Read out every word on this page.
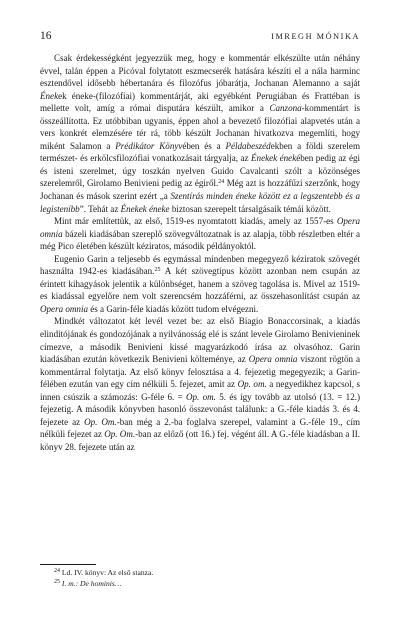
16	IMREGH MÓNIKA

Csak érdekességként jegyezzük meg, hogy e kommentár elkészülte után néhány évvel, talán éppen a Picóval folytatott eszmecserék hatására készíti el a nála harminc esztendővel idősebb hébertanára és filozófus jóbarátja, Jochanan Alemanno a saját Énekek éneke-(filozófiai) kommentárját, aki egyébként Perugiában és Frattéban is mellette volt, amíg a római disputára készült, amikor a Canzona-kommentárt is összeállította. Ez utóbbiban ugyanis, éppen ahol a bevezető filozófiai alapvetés után a vers konkrét elemzésére tér rá, több készült Jochanan hivatkozva megemlíti, hogy miként Salamon a Prédikátor Könyvében és a Példabeszédekben a földi szerelem természet- és erkölcsfilozófiai vonatkozásait tárgyalja, az Énekek énekében pedig az égi és isteni szerelmet, úgy toszkán nyelven Guido Cavalcanti szólt a közönséges szerelemről, Girolamo Benivieni pedig az égiről.$^{24}$ Még azt is hozzáfűzi szerzőnk, hogy Jochanan és mások szerint ezért „a Szentírás minden éneke között ez a legszentebb és a legisteníbb”. Tehát az Énekek éneke biztosan szerepelt társalgásaik témái között.

Mint már említettük, az első, 1519-es nyomtatott kiadás, amely az 1557-es Opera omnia bázeli kiadásában szereplő szövegváltozatnak is az alapja, több részletben eltér a még Pico életében készült kéziratos, második példányoktól.

Eugenio Garin a teljesebb és egymással mindenben megegyező kéziratok szövegét használta 1942-es kiadásában.$^{25}$ A két szövegtípus között azonban nem csupán az érintett kihagyások jelentik a különbséget, hanem a szöveg tagolása is. Mivel az 1519-es kiadással egyelőre nem volt szerencsém hozzáférni, az összehasonlítást csupán az Opera omnia és a Garin-féle kiadás között tudom elvégezni.

Mindkét változatot két levél vezet be: az első Biagio Bonaccorsinak, a kiadás elindítójának és gondozójának a nyilvánosság elé is szánt levele Girolamo Benivieninek címezve, a második Benivieni kissé magyarázkodó írása az olvasóhoz. Garin kiadásában ezután következik Benivieni költeménye, az Opera omnia viszont rögtön a kommentárral folytatja. Az első könyv felosztása a 4. fejezetig megegyezik; a Garin-félében ezután van egy cím nélküli 5. fejezet, amit az Op. om. a negyedikhez kapcsol, s innen csúszik a számozás: G-féle 6. = Op. om. 5. és így tovább az utolsó (13. = 12.) fejezetig. A második könyvben hasonló összevonást találunk: a G.-féle kiadás 3. és 4. fejezete az Op. Om.-ban még a 2.-ba foglalva szerepel, valamint a G.-féle 19., cím nélküli fejezet az Op. Om.-ban az előző (ott 16.) fej. végént áll. A G.-féle kiadásban a II. könyv 28. fejezete után az

$^{24}$ Ld. IV. könyv: Az első stanza.

$^{25}$ I. m.: De hominis…
